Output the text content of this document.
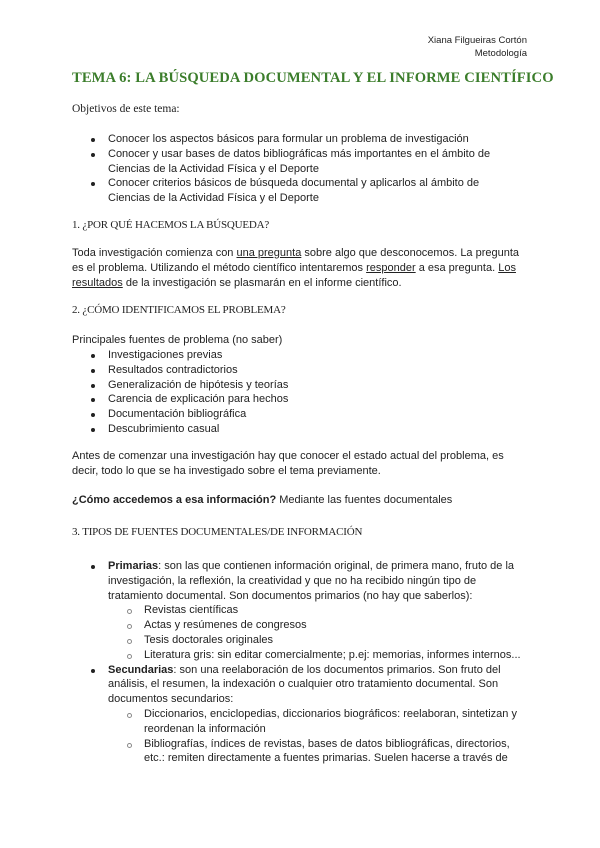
Xiana Filgueiras Cortón
Metodología
TEMA 6: LA BÚSQUEDA DOCUMENTAL Y EL INFORME CIENTÍFICO
Objetivos de este tema:
Conocer los aspectos básicos para formular un problema de investigación
Conocer y usar bases de datos bibliográficas más importantes en el ámbito de Ciencias de la Actividad Física y el Deporte
Conocer criterios básicos de búsqueda documental y aplicarlos al ámbito de Ciencias de la Actividad Física y el Deporte
1. ¿POR QUÉ HACEMOS LA BÚSQUEDA?
Toda investigación comienza con una pregunta sobre algo que desconocemos. La pregunta es el problema. Utilizando el método científico intentaremos responder a esa pregunta. Los resultados de la investigación se plasmarán en el informe científico.
2. ¿CÓMO IDENTIFICAMOS EL PROBLEMA?
Principales fuentes de problema (no saber)
Investigaciones previas
Resultados contradictorios
Generalización de hipótesis y teorías
Carencia de explicación para hechos
Documentación bibliográfica
Descubrimiento casual
Antes de comenzar una investigación hay que conocer el estado actual del problema, es decir, todo lo que se ha investigado sobre el tema previamente.
¿Cómo accedemos a esa información? Mediante las fuentes documentales
3. TIPOS DE FUENTES DOCUMENTALES/DE INFORMACIÓN
Primarias: son las que contienen información original, de primera mano, fruto de la investigación, la reflexión, la creatividad y que no ha recibido ningún tipo de tratamiento documental. Son documentos primarios (no hay que saberlos):
Revistas científicas
Actas y resúmenes de congresos
Tesis doctorales originales
Literatura gris: sin editar comercialmente; p.ej: memorias, informes internos...
Secundarias: son una reelaboración de los documentos primarios. Son fruto del análisis, el resumen, la indexación o cualquier otro tratamiento documental. Son documentos secundarios:
Diccionarios, enciclopedias, diccionarios biográficos: reelaboran, sintetizan y reordenan la información
Bibliografías, índices de revistas, bases de datos bibliográficas, directorios, etc.: remiten directamente a fuentes primarias. Suelen hacerse a través de
